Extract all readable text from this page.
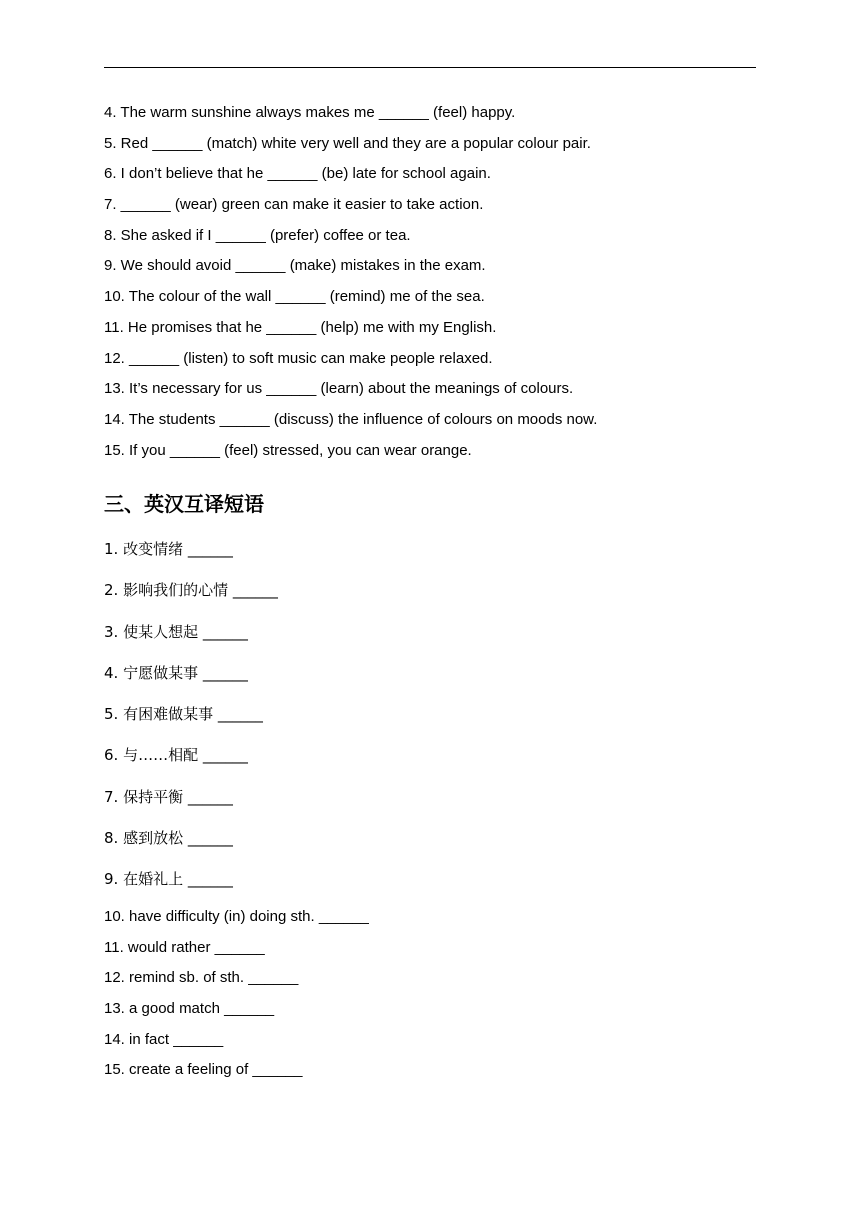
4. The warm sunshine always makes me ______ (feel) happy.
5. Red ______ (match) white very well and they are a popular colour pair.
6. I don’t believe that he ______ (be) late for school again.
7. ______ (wear) green can make it easier to take action.
8. She asked if I ______ (prefer) coffee or tea.
9. We should avoid ______ (make) mistakes in the exam.
10. The colour of the wall ______ (remind) me of the sea.
11. He promises that he ______ (help) me with my English.
12. ______ (listen) to soft music can make people relaxed.
13. It’s necessary for us ______ (learn) about the meanings of colours.
14. The students ______ (discuss) the influence of colours on moods now.
15. If you ______ (feel) stressed, you can wear orange.
三、英汉互译短语
1. 改变情绪 ______
2. 影响我们的心情 ______
3. 使某人想起 ______
4. 宁愿做某事 ______
5. 有困难做某事 ______
6. 与……相配 ______
7. 保持平衡 ______
8. 感到放松 ______
9. 在婚礼上 ______
10. have difficulty (in) doing sth. ______
11. would rather ______
12. remind sb. of sth. ______
13. a good match ______
14. in fact ______
15. create a feeling of ______
